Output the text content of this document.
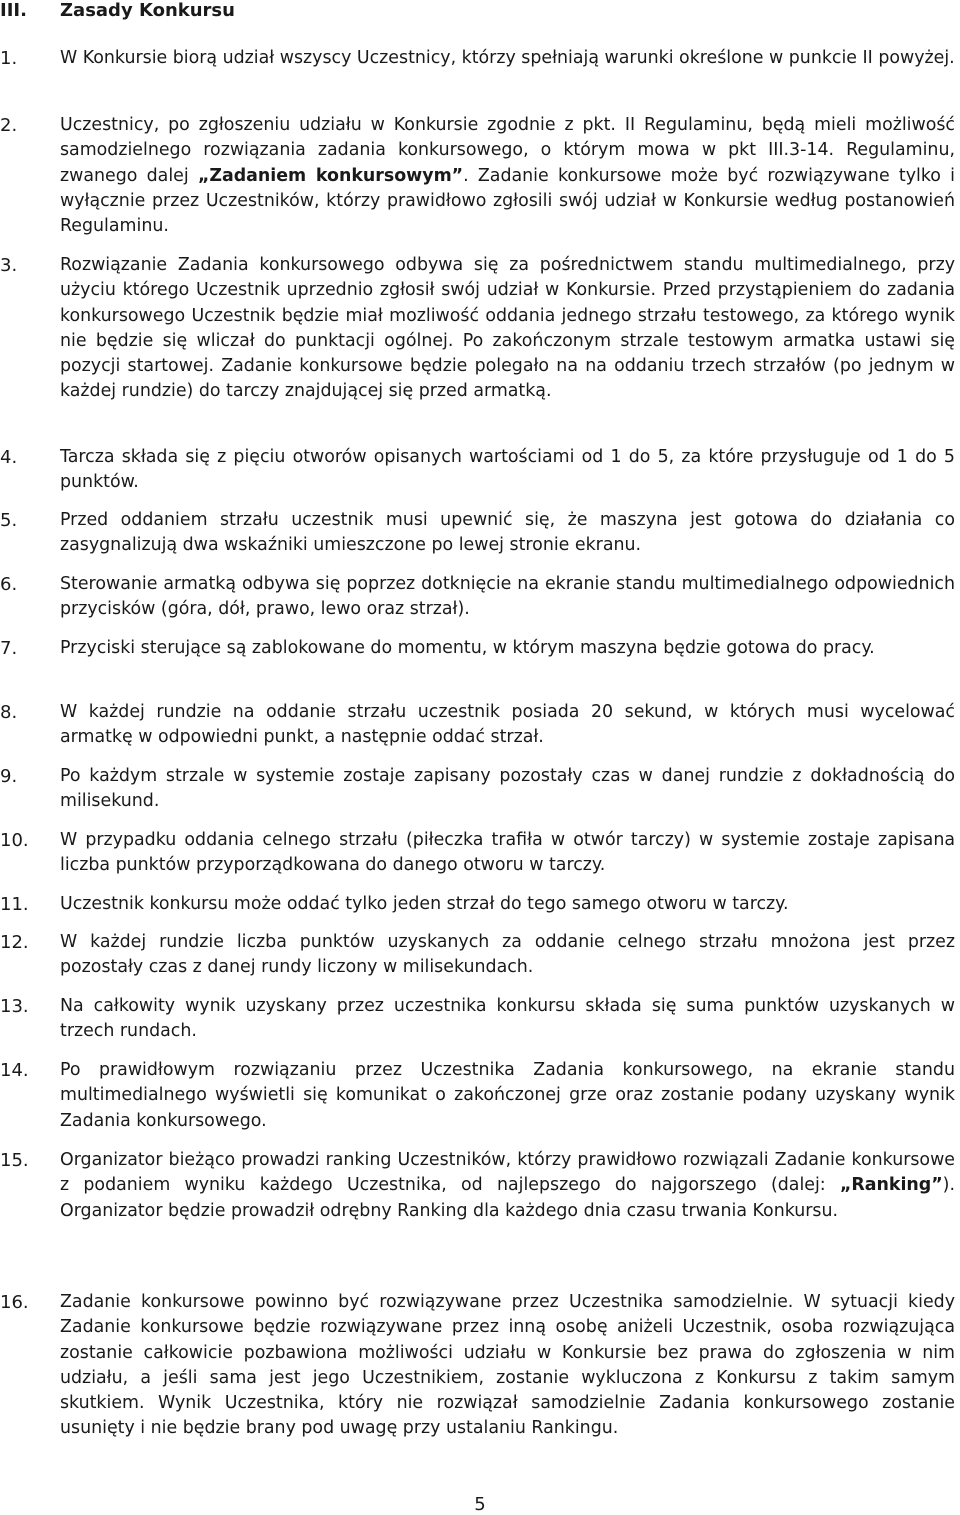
III. Zasady Konkursu
1. W Konkursie biorą udział wszyscy Uczestnicy, którzy spełniają warunki określone w punkcie II powyżej.
2. Uczestnicy, po zgłoszeniu udziału w Konkursie zgodnie z pkt. II Regulaminu, będą mieli możliwość samodzielnego rozwiązania zadania konkursowego, o którym mowa w pkt III.3-14. Regulaminu, zwanego dalej „Zadaniem konkursowym”. Zadanie konkursowe może być rozwiązywane tylko i wyłącznie przez Uczestników, którzy prawidłowo zgłosili swój udział w Konkursie według postanowień Regulaminu.
3. Rozwiązanie Zadania konkursowego odbywa się za pośrednictwem standu multimedialnego, przy użyciu którego Uczestnik uprzednio zgłosił swój udział w Konkursie. Przed przystąpieniem do zadania konkursowego Uczestnik będzie miał mozliwość oddania jednego strzału testowego, za którego wynik nie będzie się wliczał do punktacji ogólnej. Po zakończonym strzale testowym armatka ustawi się pozycji startowej. Zadanie konkursowe będzie polegało na na oddaniu trzech strzałów (po jednym w każdej rundzie) do tarczy znajdującej się przed armatką.
4. Tarcza składa się z pięciu otworów opisanych wartościami od 1 do 5, za które przysługuje od 1 do 5 punktów.
5. Przed oddaniem strzału uczestnik musi upewnić się, że maszyna jest gotowa do działania co zasygnalizują dwa wskaźniki umieszczone po lewej stronie ekranu.
6. Sterowanie armatką odbywa się poprzez dotknięcie na ekranie standu multimedialnego odpowiednich przycisków (góra, dół, prawo, lewo oraz strzał).
7. Przyciski sterujące są zablokowane do momentu, w którym maszyna będzie gotowa do pracy.
8. W każdej rundzie na oddanie strzału uczestnik posiada 20 sekund, w których musi wycelować armatkę w odpowiedni punkt, a następnie oddać strzał.
9. Po każdym strzale w systemie zostaje zapisany pozostały czas w danej rundzie z dokładnością do milisekund.
10. W przypadku oddania celnego strzału (piłeczka trafiła w otwór tarczy) w systemie zostaje zapisana liczba punktów przyporządkowana do danego otworu w tarczy.
11. Uczestnik konkursu może oddać tylko jeden strzał do tego samego otworu w tarczy.
12. W każdej rundzie liczba punktów uzyskanych za oddanie celnego strzału mnożona jest przez pozostały czas z danej rundy liczony w milisekundach.
13. Na całkowity wynik uzyskany przez uczestnika konkursu składa się suma punktów uzyskanych w trzech rundach.
14. Po prawidłowym rozwiązaniu przez Uczestnika Zadania konkursowego, na ekranie standu multimedialnego wyświetli się komunikat o zakończonej grze oraz zostanie podany uzyskany wynik Zadania konkursowego.
15. Organizator bieżąco prowadzi ranking Uczestników, którzy prawidłowo rozwiązali Zadanie konkursowe z podaniem wyniku każdego Uczestnika, od najlepszego do najgorszego (dalej: „Ranking”). Organizator będzie prowadził odrębny Ranking dla każdego dnia czasu trwania Konkursu.
16. Zadanie konkursowe powinno być rozwiązywane przez Uczestnika samodzielnie. W sytuacji kiedy Zadanie konkursowe będzie rozwiązywane przez inną osobę aniżeli Uczestnik, osoba rozwiązująca zostanie całkowicie pozbawiona możliwości udziału w Konkursie bez prawa do zgłoszenia w nim udziału, a jeśli sama jest jego Uczestnikiem, zostanie wykluczona z Konkursu z takim samym skutkiem. Wynik Uczestnika, który nie rozwiązał samodzielnie Zadania konkursowego zostanie usunięty i nie będzie brany pod uwagę przy ustalaniu Rankingu.
5
